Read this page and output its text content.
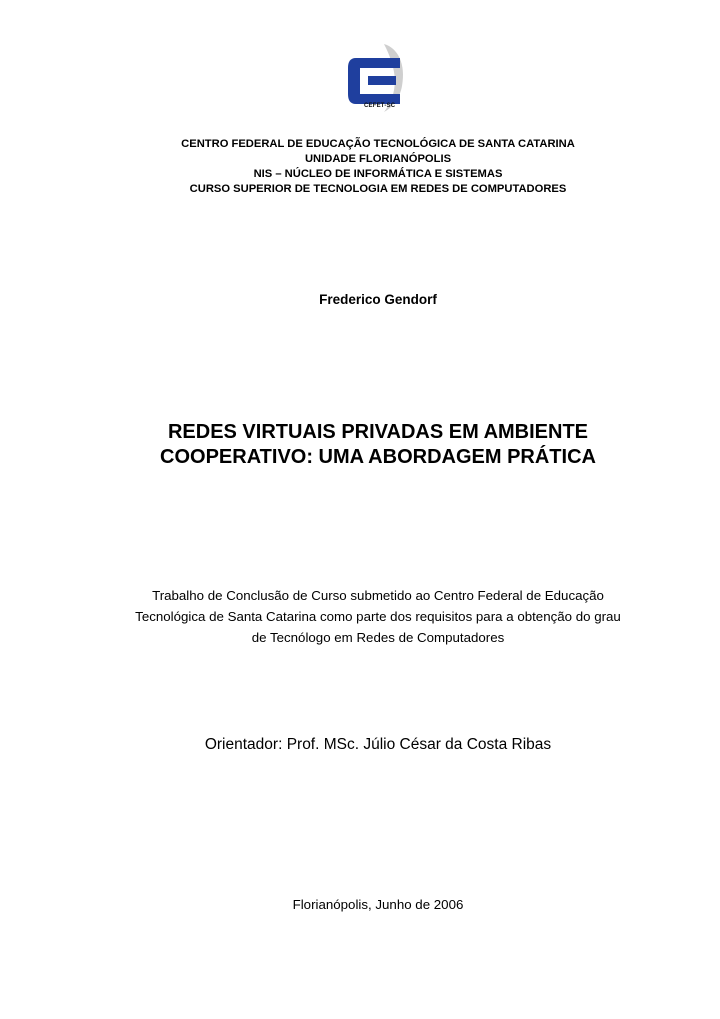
CEFET-SC
CENTRO FEDERAL DE EDUCAÇÃO TECNOLÓGICA DE SANTA CATARINA
UNIDADE FLORIANÓPOLIS
NIS – NÚCLEO DE INFORMÁTICA E SISTEMAS
CURSO SUPERIOR DE TECNOLOGIA EM REDES DE COMPUTADORES
Frederico Gendorf
REDES VIRTUAIS PRIVADAS EM AMBIENTE
COOPERATIVO: UMA ABORDAGEM PRÁTICA
Trabalho de Conclusão de Curso submetido ao Centro Federal de Educação
Tecnológica de Santa Catarina como parte dos requisitos para a obtenção do grau
de Tecnólogo em Redes de Computadores
Orientador: Prof. MSc. Júlio César da Costa Ribas
Florianópolis, Junho de 2006
